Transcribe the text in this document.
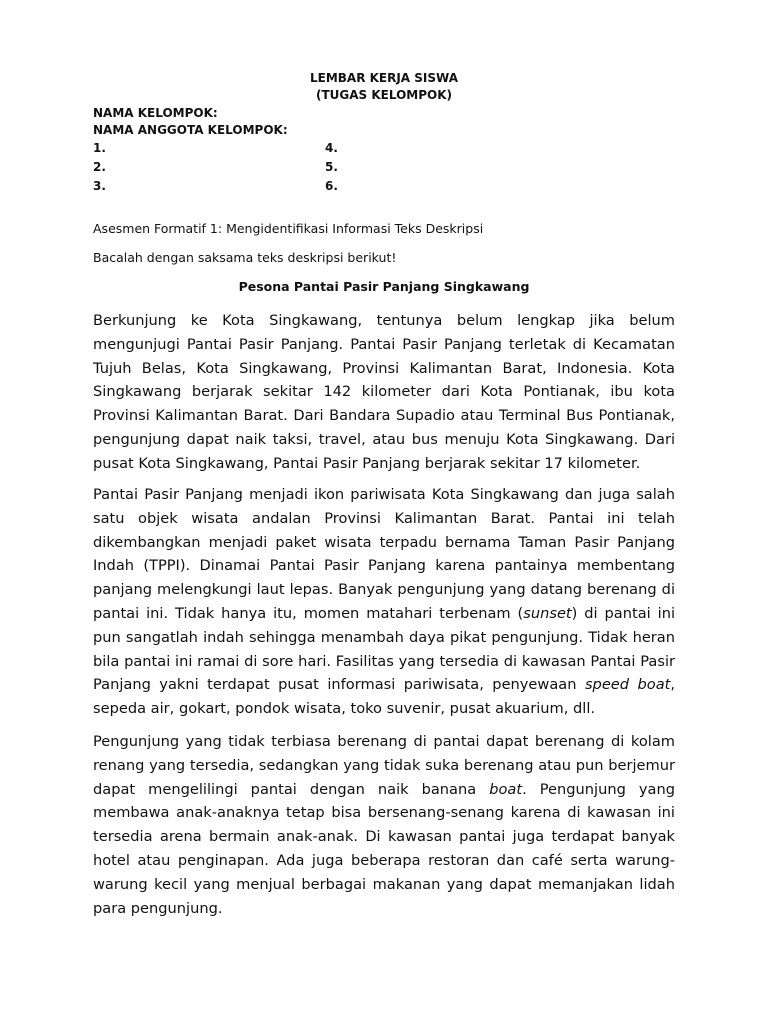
LEMBAR KERJA SISWA
(TUGAS KELOMPOK)
NAMA KELOMPOK:
NAMA ANGGOTA KELOMPOK:
1.	4.
2.	5.
3.	6.
Asesmen Formatif 1: Mengidentifikasi Informasi Teks Deskripsi
Bacalah dengan saksama teks deskripsi berikut!
Pesona Pantai Pasir Panjang Singkawang

Berkunjung ke Kota Singkawang, tentunya belum lengkap jika belum mengunjugi Pantai Pasir Panjang. Pantai Pasir Panjang terletak di Kecamatan Tujuh Belas, Kota Singkawang, Provinsi Kalimantan Barat, Indonesia. Kota Singkawang berjarak sekitar 142 kilometer dari Kota Pontianak, ibu kota Provinsi Kalimantan Barat. Dari Bandara Supadio atau Terminal Bus Pontianak, pengunjung dapat naik taksi, travel, atau bus menuju Kota Singkawang. Dari pusat Kota Singkawang, Pantai Pasir Panjang berjarak sekitar 17 kilometer.

Pantai Pasir Panjang menjadi ikon pariwisata Kota Singkawang dan juga salah satu objek wisata andalan Provinsi Kalimantan Barat. Pantai ini telah dikembangkan menjadi paket wisata terpadu bernama Taman Pasir Panjang Indah (TPPI). Dinamai Pantai Pasir Panjang karena pantainya membentang panjang melengkungi laut lepas. Banyak pengunjung yang datang berenang di pantai ini. Tidak hanya itu, momen matahari terbenam (sunset) di pantai ini pun sangatlah indah sehingga menambah daya pikat pengunjung. Tidak heran bila pantai ini ramai di sore hari. Fasilitas yang tersedia di kawasan Pantai Pasir Panjang yakni terdapat pusat informasi pariwisata, penyewaan speed boat, sepeda air, gokart, pondok wisata, toko suvenir, pusat akuarium, dll.

Pengunjung yang tidak terbiasa berenang di pantai dapat berenang di kolam renang yang tersedia, sedangkan yang tidak suka berenang atau pun berjemur dapat mengelilingi pantai dengan naik banana boat. Pengunjung yang membawa anak-anaknya tetap bisa bersenang-senang karena di kawasan ini tersedia arena bermain anak-anak. Di kawasan pantai juga terdapat banyak hotel atau penginapan. Ada juga beberapa restoran dan café serta warung-warung kecil yang menjual berbagai makanan yang dapat memanjakan lidah para pengunjung.
